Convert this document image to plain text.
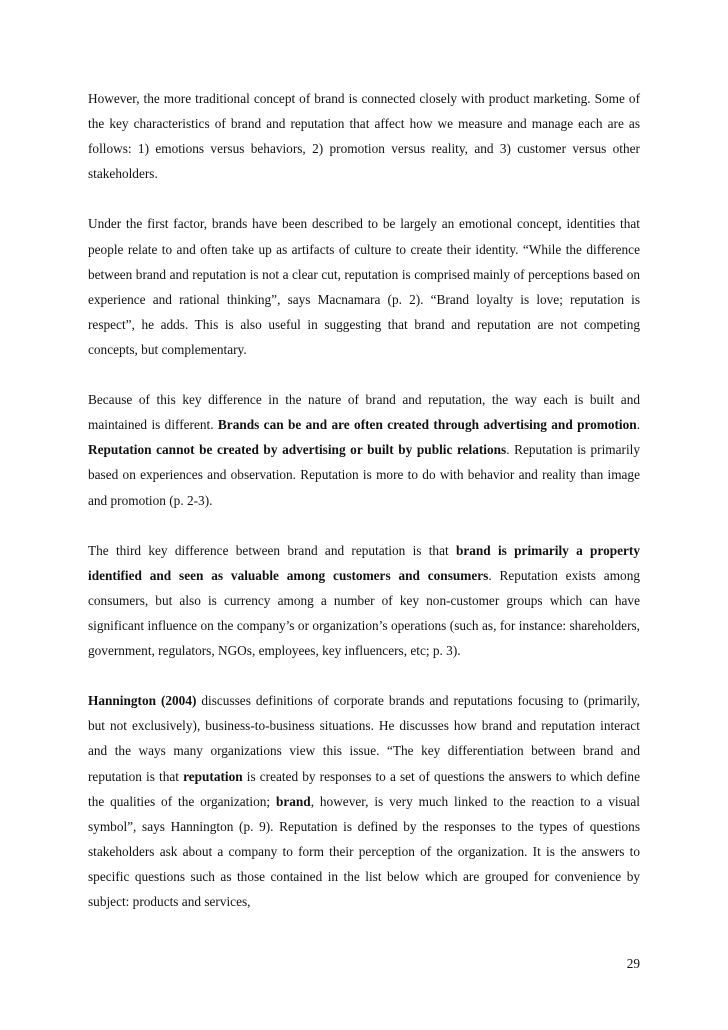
However, the more traditional concept of brand is connected closely with product marketing. Some of the key characteristics of brand and reputation that affect how we measure and manage each are as follows: 1) emotions versus behaviors, 2) promotion versus reality, and 3) customer versus other stakeholders.

Under the first factor, brands have been described to be largely an emotional concept, identities that people relate to and often take up as artifacts of culture to create their identity. “While the difference between brand and reputation is not a clear cut, reputation is comprised mainly of perceptions based on experience and rational thinking”, says Macnamara (p. 2). “Brand loyalty is love; reputation is respect”, he adds. This is also useful in suggesting that brand and reputation are not competing concepts, but complementary.

Because of this key difference in the nature of brand and reputation, the way each is built and maintained is different. Brands can be and are often created through advertising and promotion. Reputation cannot be created by advertising or built by public relations. Reputation is primarily based on experiences and observation. Reputation is more to do with behavior and reality than image and promotion (p. 2-3).

The third key difference between brand and reputation is that brand is primarily a property identified and seen as valuable among customers and consumers. Reputation exists among consumers, but also is currency among a number of key non-customer groups which can have significant influence on the company’s or organization’s operations (such as, for instance: shareholders, government, regulators, NGOs, employees, key influencers, etc; p. 3).

Hannington (2004) discusses definitions of corporate brands and reputations focusing to (primarily, but not exclusively), business-to-business situations. He discusses how brand and reputation interact and the ways many organizations view this issue. “The key differentiation between brand and reputation is that reputation is created by responses to a set of questions the answers to which define the qualities of the organization; brand, however, is very much linked to the reaction to a visual symbol”, says Hannington (p. 9). Reputation is defined by the responses to the types of questions stakeholders ask about a company to form their perception of the organization. It is the answers to specific questions such as those contained in the list below which are grouped for convenience by subject: products and services,

29
